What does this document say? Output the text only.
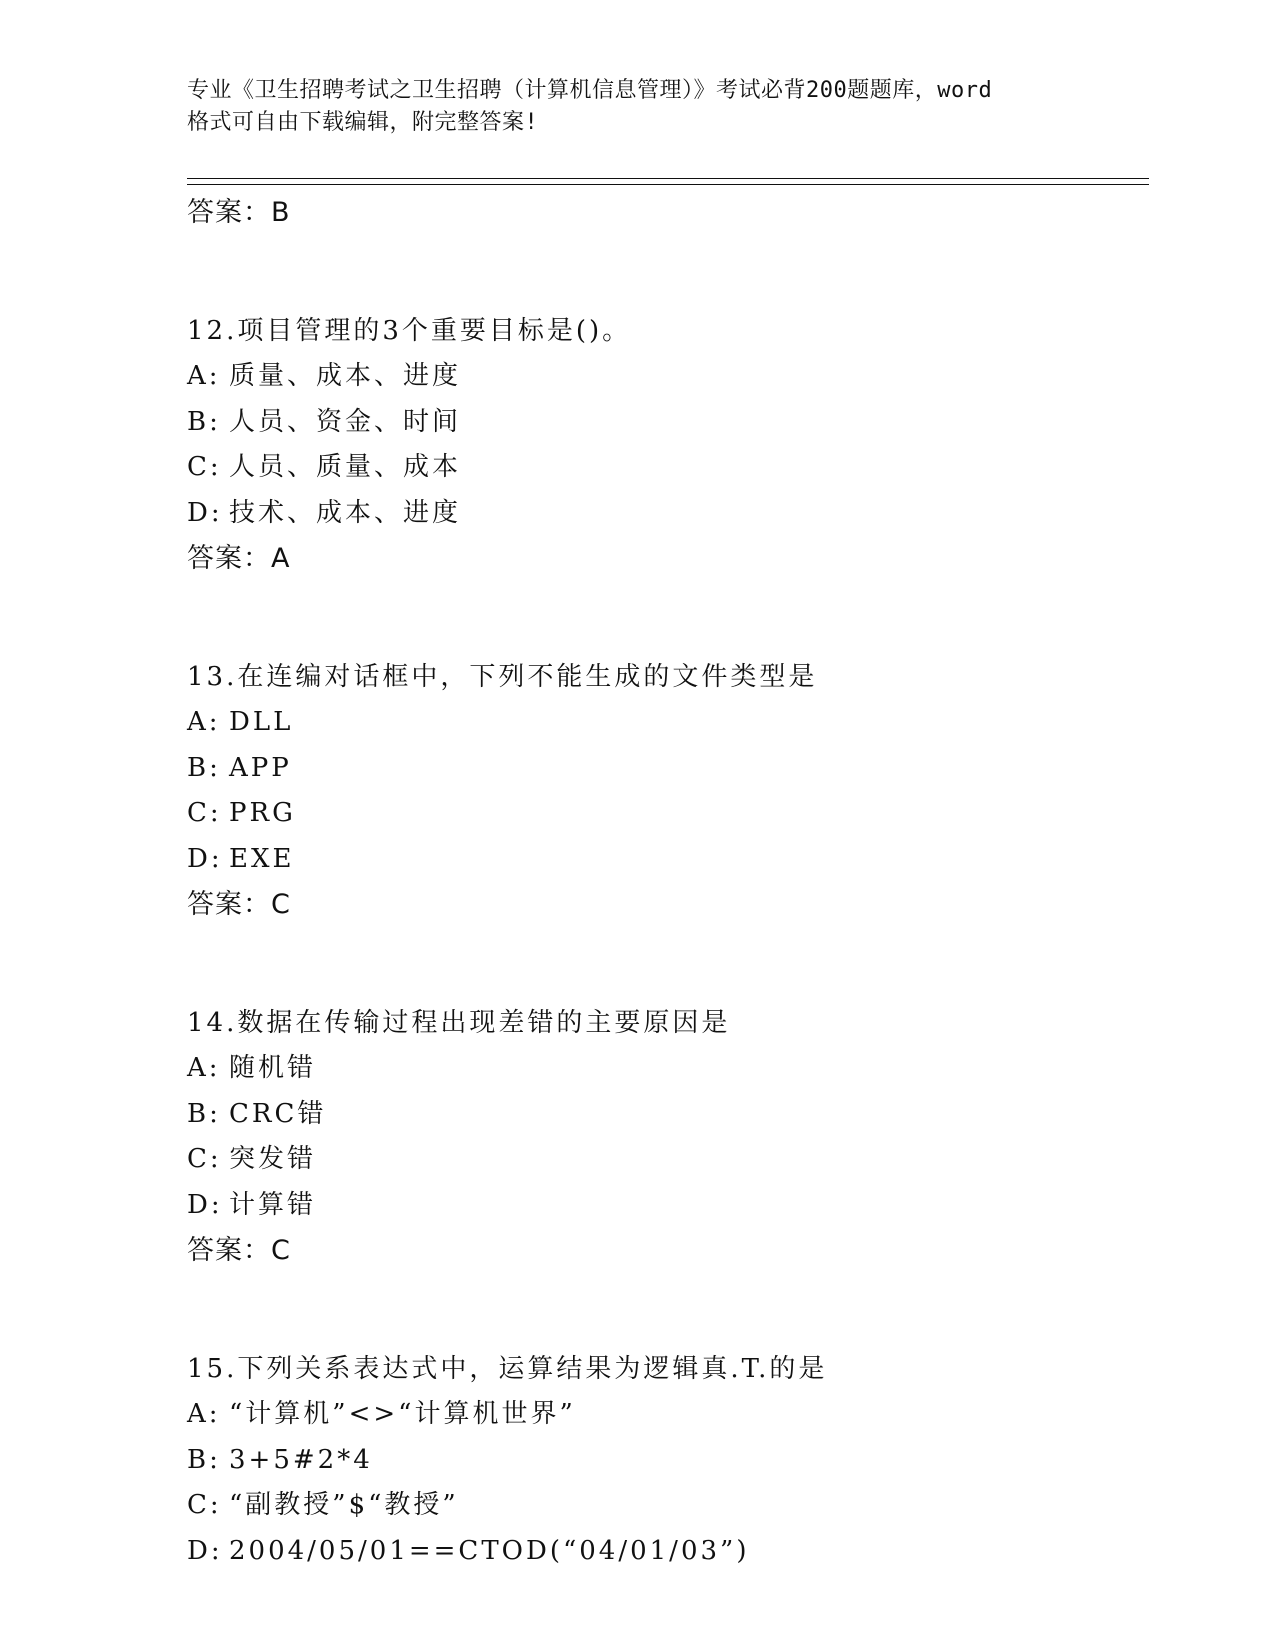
专业《卫生招聘考试之卫生招聘（计算机信息管理）》考试必背200题题库，word
格式可自由下载编辑，附完整答案!
答案：B
12.项目管理的3个重要目标是()。
A: 质量、成本、进度
B: 人员、资金、时间
C: 人员、质量、成本
D: 技术、成本、进度
答案：A
13.在连编对话框中，下列不能生成的文件类型是
A: DLL
B: APP
C: PRG
D: EXE
答案：C
14.数据在传输过程出现差错的主要原因是
A: 随机错
B: CRC错
C: 突发错
D: 计算错
答案：C
15.下列关系表达式中，运算结果为逻辑真.T.的是
A: “计算机”<>“计算机世界”
B: 3+5#2*4
C: “副教授”$“教授”
D: 2004/05/01==CTOD(“04/01/03”)
